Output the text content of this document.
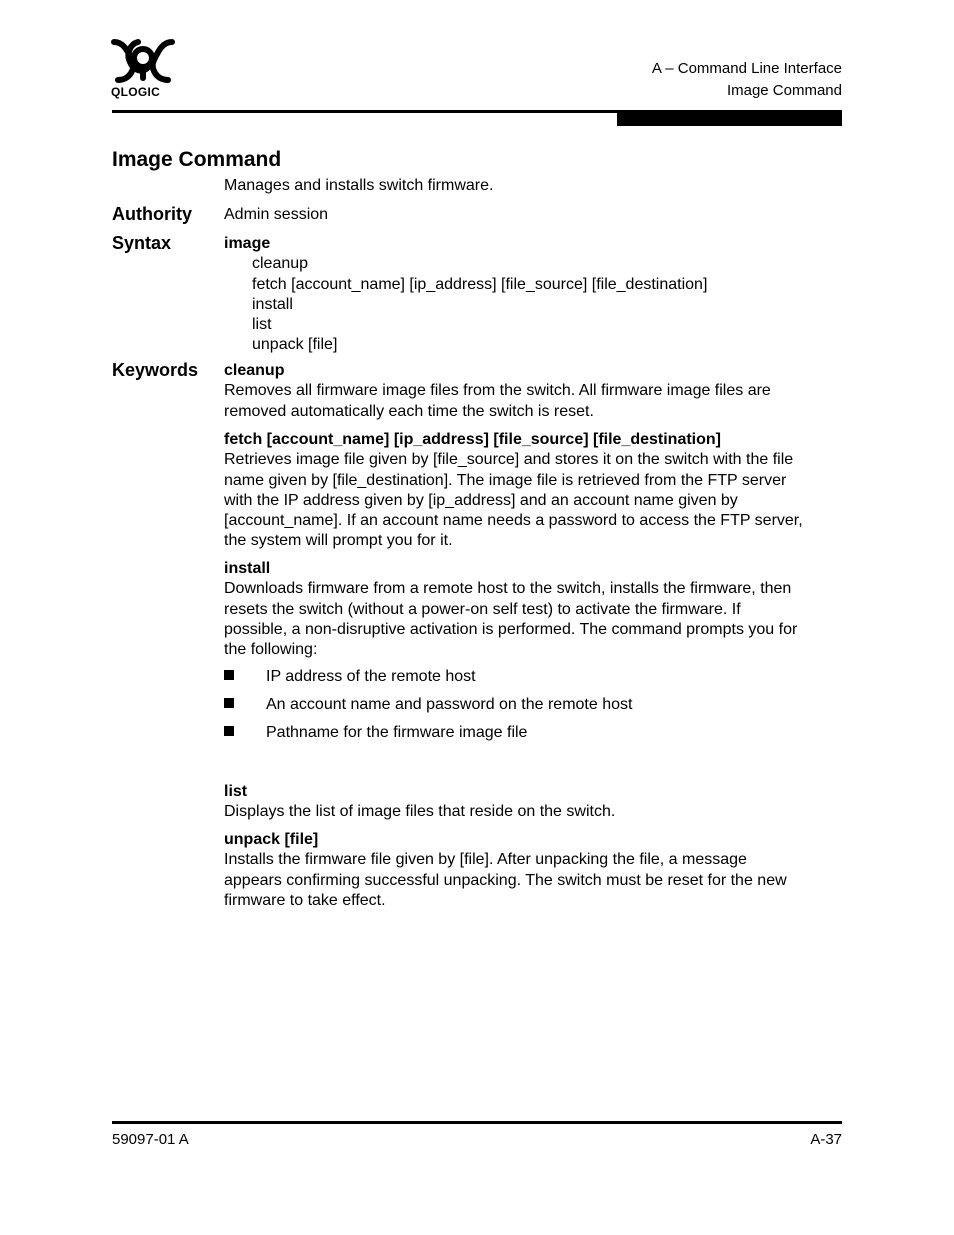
QLOGIC
A – Command Line Interface
Image Command
Image Command
Manages and installs switch firmware.
Authority Admin session
Syntax	image
cleanup
fetch [account_name] [ip_address] [file_source] [file_destination]
install
list
unpack [file]
Keywords cleanup
Removes all firmware image files from the switch. All firmware image files are
removed automatically each time the switch is reset.
fetch [account_name] [ip_address] [file_source] [file_destination]
Retrieves image file given by [file_source] and stores it on the switch with the file
name given by [file_destination]. The image file is retrieved from the FTP server
with the IP address given by [ip_address] and an account name given by
[account_name]. If an account name needs a password to access the FTP server,
the system will prompt you for it.
install
Downloads firmware from a remote host to the switch, installs the firmware, then
resets the switch (without a power-on self test) to activate the firmware. If
possible, a non-disruptive activation is performed. The command prompts you for
the following:
IP address of the remote host
An account name and password on the remote host
Pathname for the firmware image file
list
Displays the list of image files that reside on the switch.
unpack [file]
Installs the firmware file given by [file]. After unpacking the file, a message
appears confirming successful unpacking. The switch must be reset for the new
firmware to take effect.
59097-01 A	A-37
